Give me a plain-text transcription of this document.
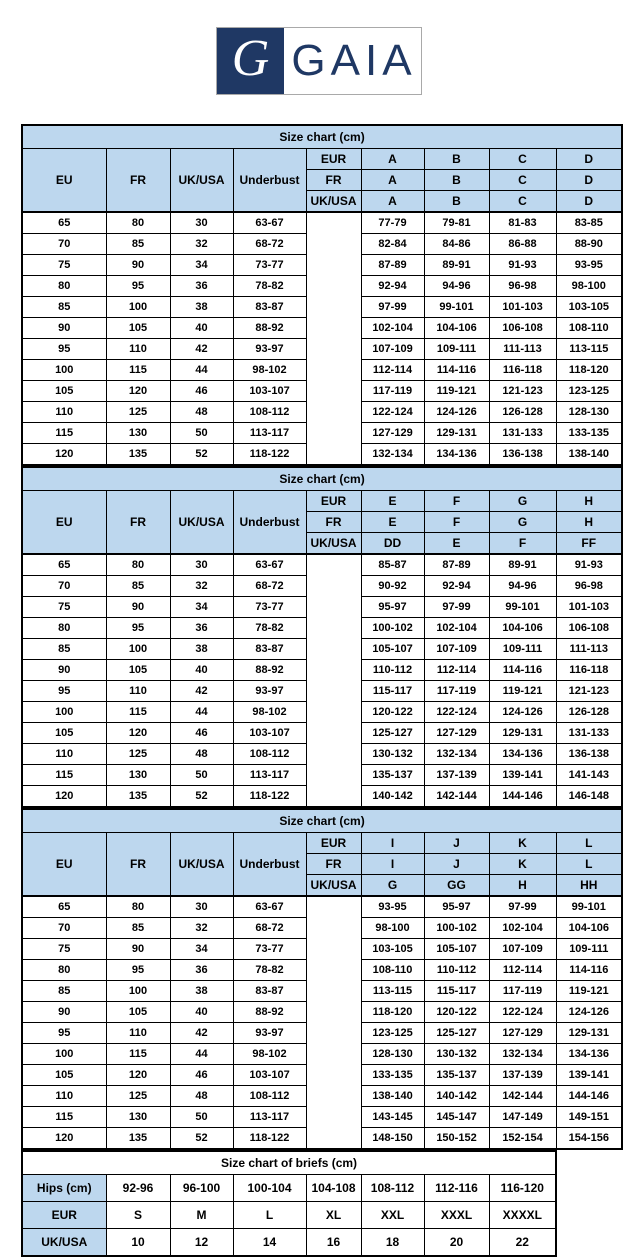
G GAIA
Size chart (cm)								
EU	FR	UK/USA	Underbust	EUR	A	B	C	D
				FR	A	B	C	D
				UK/USA	A	B	C	D
65	80	30	63-67		77-79	79-81	81-83	83-85
70	85	32	68-72		82-84	84-86	86-88	88-90
75	90	34	73-77		87-89	89-91	91-93	93-95
80	95	36	78-82		92-94	94-96	96-98	98-100
85	100	38	83-87		97-99	99-101	101-103	103-105
90	105	40	88-92		102-104	104-106	106-108	108-110
95	110	42	93-97		107-109	109-111	111-113	113-115
100	115	44	98-102		112-114	114-116	116-118	118-120
105	120	46	103-107		117-119	119-121	121-123	123-125
110	125	48	108-112		122-124	124-126	126-128	128-130
115	130	50	113-117		127-129	129-131	131-133	133-135
120	135	52	118-122		132-134	134-136	136-138	138-140
Size chart (cm)								
EU	FR	UK/USA	Underbust	EUR	E	F	G	H
				FR	E	F	G	H
				UK/USA	DD	E	F	FF
65	80	30	63-67		85-87	87-89	89-91	91-93
70	85	32	68-72		90-92	92-94	94-96	96-98
75	90	34	73-77		95-97	97-99	99-101	101-103
80	95	36	78-82		100-102	102-104	104-106	106-108
85	100	38	83-87		105-107	107-109	109-111	111-113
90	105	40	88-92		110-112	112-114	114-116	116-118
95	110	42	93-97		115-117	117-119	119-121	121-123
100	115	44	98-102		120-122	122-124	124-126	126-128
105	120	46	103-107		125-127	127-129	129-131	131-133
110	125	48	108-112		130-132	132-134	134-136	136-138
115	130	50	113-117		135-137	137-139	139-141	141-143
120	135	52	118-122		140-142	142-144	144-146	146-148
Size chart (cm)								
EU	FR	UK/USA	Underbust	EUR	I	J	K	L
				FR	I	J	K	L
				UK/USA	G	GG	H	HH
65	80	30	63-67		93-95	95-97	97-99	99-101
70	85	32	68-72		98-100	100-102	102-104	104-106
75	90	34	73-77		103-105	105-107	107-109	109-111
80	95	36	78-82		108-110	110-112	112-114	114-116
85	100	38	83-87		113-115	115-117	117-119	119-121
90	105	40	88-92		118-120	120-122	122-124	124-126
95	110	42	93-97		123-125	125-127	127-129	129-131
100	115	44	98-102		128-130	130-132	132-134	134-136
105	120	46	103-107		133-135	135-137	137-139	139-141
110	125	48	108-112		138-140	140-142	142-144	144-146
115	130	50	113-117		143-145	145-147	147-149	149-151
120	135	52	118-122		148-150	150-152	152-154	154-156
Size chart of briefs (cm)							
Hips (cm)	92-96	96-100	100-104	104-108	108-112	112-116	116-120
EUR	S	M	L	XL	XXL	XXXL	XXXXL
UK/USA	10	12	14	16	18	20	22
